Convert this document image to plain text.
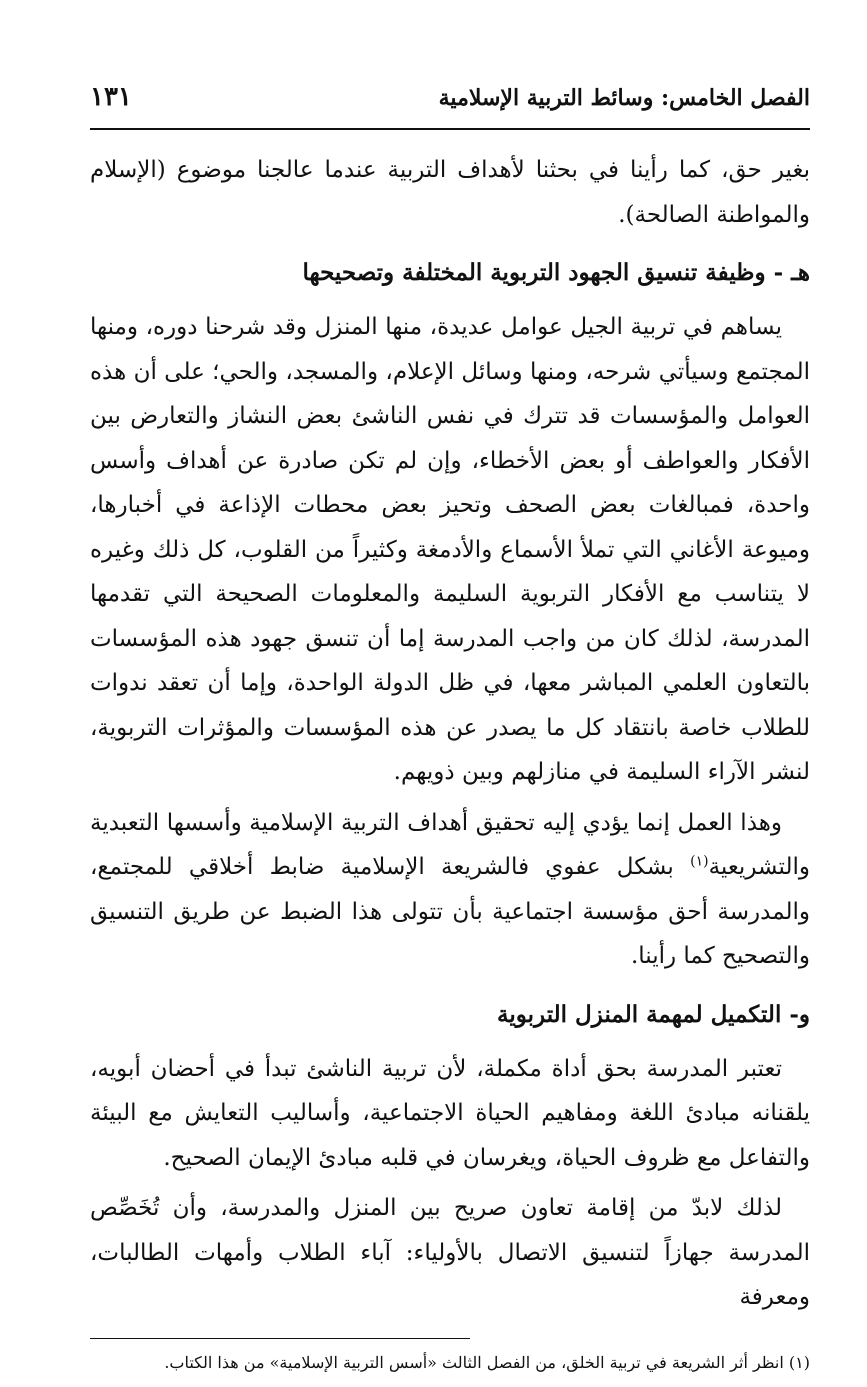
الفصل الخامس: وسائط التربية الإسلامية
١٣١

بغير حق، كما رأينا في بحثنا لأهداف التربية عندما عالجنا موضوع (الإسلام والمواطنة الصالحة).

هـ - وظيفة تنسيق الجهود التربوية المختلفة وتصحيحها

يساهم في تربية الجيل عوامل عديدة، منها المنزل وقد شرحنا دوره، ومنها المجتمع وسيأتي شرحه، ومنها وسائل الإعلام، والمسجد، والحي؛ على أن هذه العوامل والمؤسسات قد تترك في نفس الناشئ بعض النشاز والتعارض بين الأفكار والعواطف أو بعض الأخطاء، وإن لم تكن صادرة عن أهداف وأسس واحدة، فمبالغات بعض الصحف وتحيز بعض محطات الإذاعة في أخبارها، وميوعة الأغاني التي تملأ الأسماع والأدمغة وكثيراً من القلوب، كل ذلك وغيره لا يتناسب مع الأفكار التربوية السليمة والمعلومات الصحيحة التي تقدمها المدرسة، لذلك كان من واجب المدرسة إما أن تنسق جهود هذه المؤسسات بالتعاون العلمي المباشر معها، في ظل الدولة الواحدة، وإما أن تعقد ندوات للطلاب خاصة بانتقاد كل ما يصدر عن هذه المؤسسات والمؤثرات التربوية، لنشر الآراء السليمة في منازلهم وبين ذويهم.

وهذا العمل إنما يؤدي إليه تحقيق أهداف التربية الإسلامية وأسسها التعبدية والتشريعية$^{(١)}$ بشكل عفوي فالشريعة الإسلامية ضابط أخلاقي للمجتمع، والمدرسة أحق مؤسسة اجتماعية بأن تتولى هذا الضبط عن طريق التنسيق والتصحيح كما رأينا.

و- التكميل لمهمة المنزل التربوية

تعتبر المدرسة بحق أداة مكملة، لأن تربية الناشئ تبدأ في أحضان أبويه، يلقنانه مبادئ اللغة ومفاهيم الحياة الاجتماعية، وأساليب التعايش مع البيئة والتفاعل مع ظروف الحياة، ويغرسان في قلبه مبادئ الإيمان الصحيح.

لذلك لابدّ من إقامة تعاون صريح بين المنزل والمدرسة، وأن تُخَصِّص المدرسة جهازاً لتنسيق الاتصال بالأولياء: آباء الطلاب وأمهات الطالبات، ومعرفة

(١) انظر أثر الشريعة في تربية الخلق، من الفصل الثالث «أسس التربية الإسلامية» من هذا الكتاب.
